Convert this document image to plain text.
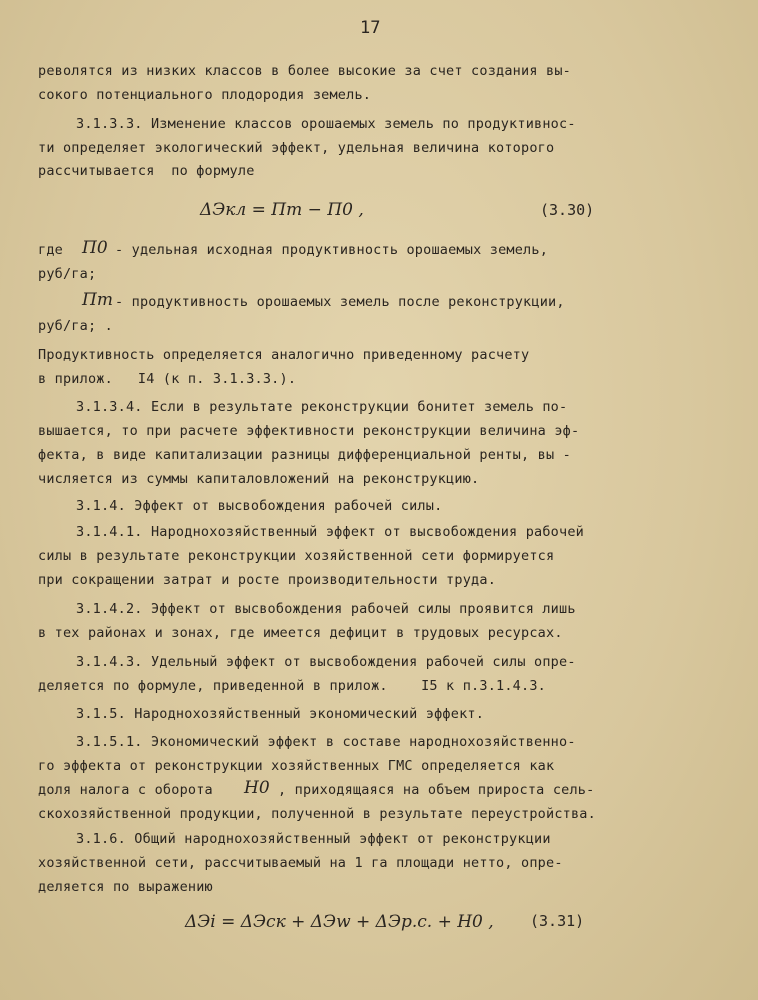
17
револятся из низких классов в более высокие за счет создания вы-
сокого потенциального плодородия земель.
3.1.3.3. Изменение классов орошаемых земель по продуктивнос-
ти определяет экологический эффект, удельная величина которого
рассчитывается  по формуле
ΔЭкл = Пт − П0 ,	(3.30)
где П0 - удельная исходная продуктивность орошаемых земель,
руб/га;
Пт - продуктивность орошаемых земель после реконструкции,
руб/га; .
Продуктивность определяется аналогично приведенному расчету
в прилож.   I4 (к п. 3.1.3.3.).
3.1.3.4. Если в результате реконструкции бонитет земель по-
вышается, то при расчете эффективности реконструкции величина эф-
фекта, в виде капитализации разницы дифференциальной ренты, вы -
числяется из суммы капиталовложений на реконструкцию.
3.1.4. Эффект от высвобождения рабочей силы.
3.1.4.1. Народнохозяйственный эффект от высвобождения рабочей
силы в результате реконструкции хозяйственной сети формируется
при сокращении затрат и росте производительности труда.
3.1.4.2. Эффект от высвобождения рабочей силы проявится лишь
в тех районах и зонах, где имеется дефицит в трудовых ресурсах.
3.1.4.3. Удельный эффект от высвобождения рабочей силы опре-
деляется по формуле, приведенной в прилож.    I5 к п.3.1.4.3.
3.1.5. Народнохозяйственный экономический эффект.
3.1.5.1. Экономический эффект в составе народнохозяйственно-
го эффекта от реконструкции хозяйственных ГМС определяется как
доля налога с оборота H0 , приходящаяся на объем прироста сель-
скохозяйственной продукции, полученной в результате переустройства.
3.1.6. Общий народнохозяйственный эффект от реконструкции
хозяйственной сети, рассчитываемый на 1 га площади нетто, опре-
деляется по выражению
ΔЭi = ΔЭск + ΔЭw + ΔЭр.с. + H0 , (3.31)
